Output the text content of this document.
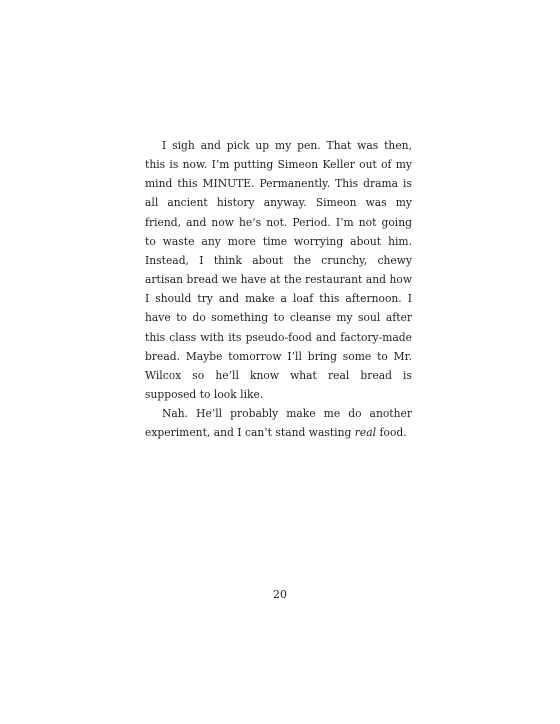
I sigh and pick up my pen. That was then, this is now. I’m putting Simeon Keller out of my mind this MINUTE. Permanently. This drama is all ancient history anyway. Simeon was my friend, and now he’s not. Period. I’m not going to waste any more time worrying about him. Instead, I think about the crunchy, chewy artisan bread we have at the restaurant and how I should try and make a loaf this afternoon. I have to do something to cleanse my soul after this class with its pseudo-food and factory-made bread. Maybe tomorrow I’ll bring some to Mr. Wilcox so he’ll know what real bread is supposed to look like.

Nah. He’ll probably make me do another experiment, and I can’t stand wasting real food.

20
